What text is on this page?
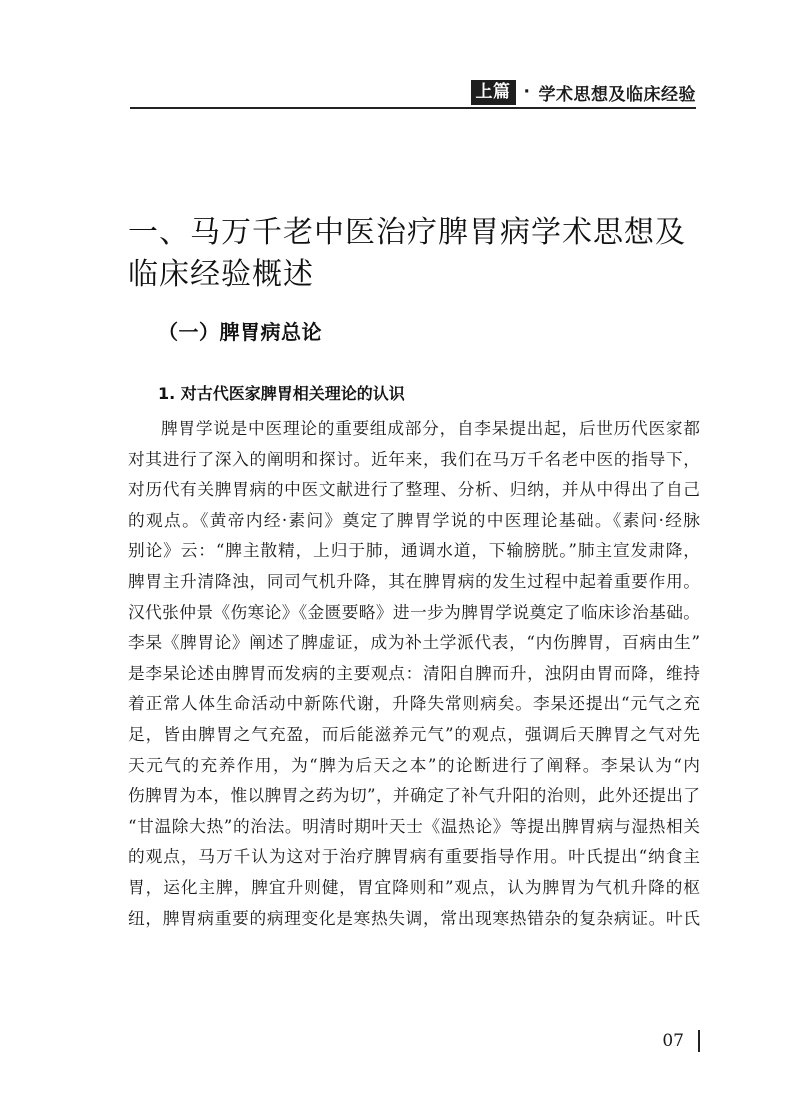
上篇 · 学术思想及临床经验
一、马万千老中医治疗脾胃病学术思想及临床经验概述
（一）脾胃病总论
1. 对古代医家脾胃相关理论的认识
脾胃学说是中医理论的重要组成部分，自李杲提出起，后世历代医家都
对其进行了深入的阐明和探讨。近年来，我们在马万千名老中医的指导下，
对历代有关脾胃病的中医文献进行了整理、分析、归纳，并从中得出了自己
的观点。《黄帝内经·素问》奠定了脾胃学说的中医理论基础。《素问·经脉
别论》云：“脾主散精，上归于肺，通调水道，下输膀胱。”肺主宣发肃降，
脾胃主升清降浊，同司气机升降，其在脾胃病的发生过程中起着重要作用。
汉代张仲景《伤寒论》《金匮要略》进一步为脾胃学说奠定了临床诊治基础。
李杲《脾胃论》阐述了脾虚证，成为补土学派代表，“内伤脾胃，百病由生”
是李杲论述由脾胃而发病的主要观点：清阳自脾而升，浊阴由胃而降，维持
着正常人体生命活动中新陈代谢，升降失常则病矣。李杲还提出“元气之充
足，皆由脾胃之气充盈，而后能滋养元气”的观点，强调后天脾胃之气对先
天元气的充养作用，为“脾为后天之本”的论断进行了阐释。李杲认为“内
伤脾胃为本，惟以脾胃之药为切”，并确定了补气升阳的治则，此外还提出了
“甘温除大热”的治法。明清时期叶天士《温热论》等提出脾胃病与湿热相关
的观点，马万千认为这对于治疗脾胃病有重要指导作用。叶氏提出“纳食主
胃，运化主脾，脾宜升则健，胃宜降则和”观点，认为脾胃为气机升降的枢
纽，脾胃病重要的病理变化是寒热失调，常出现寒热错杂的复杂病证。叶氏
07
